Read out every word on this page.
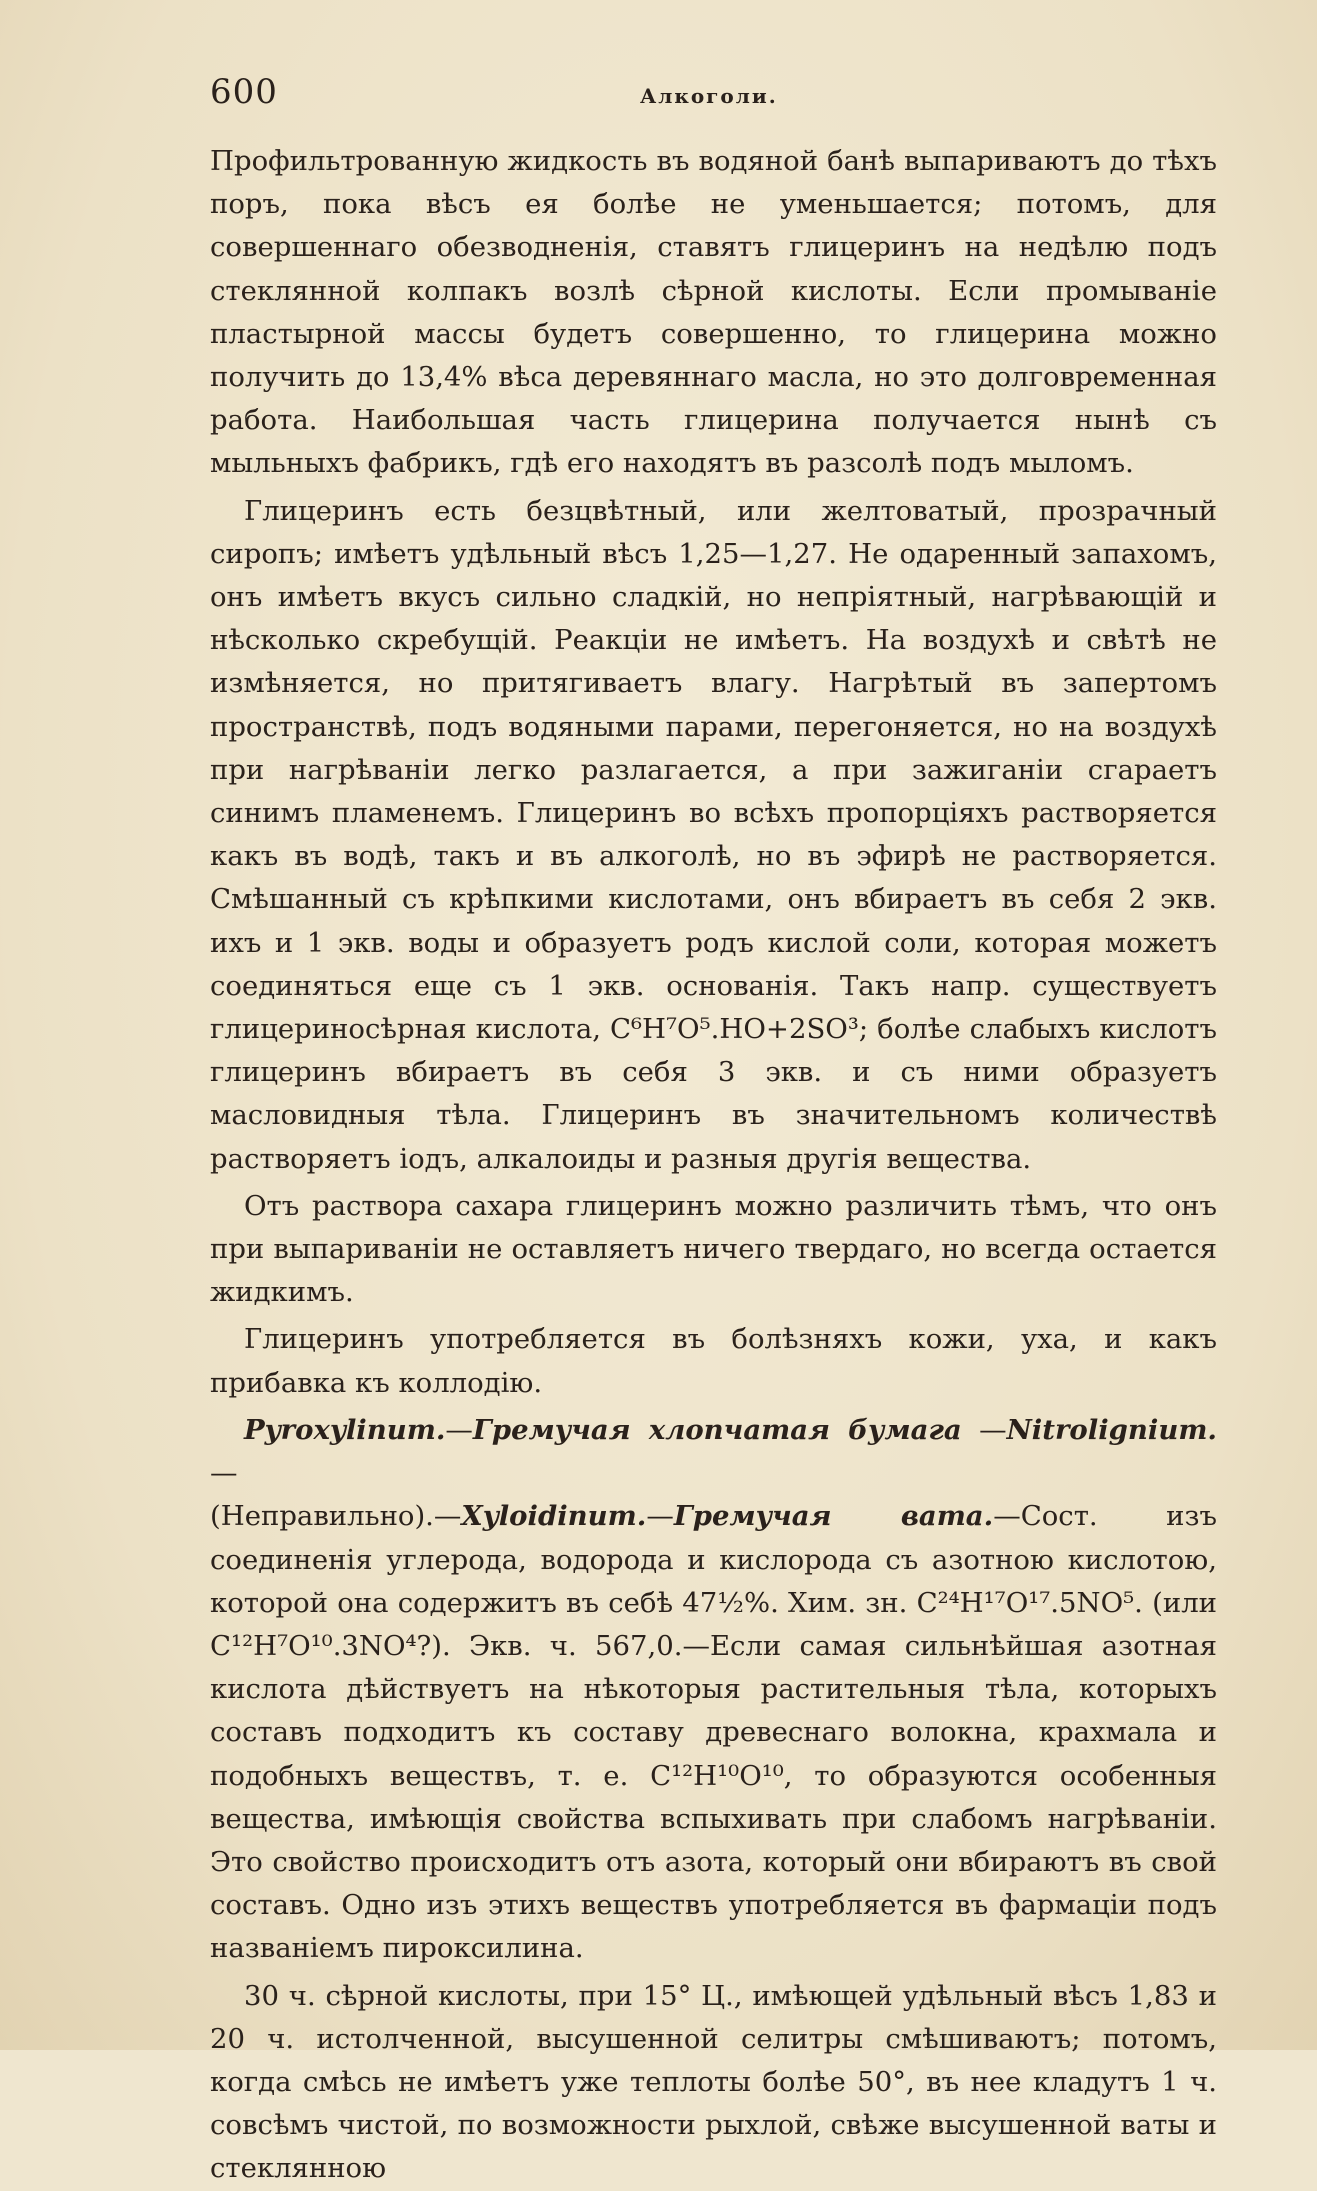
600	Алкоголи.

Профильтрованную жидкость въ водяной банѣ выпариваютъ до тѣхъ поръ, пока вѣсъ ея болѣе не уменьшается; потомъ, для совершеннаго обезводненія, ставятъ глицеринъ на недѣлю подъ стеклянной колпакъ возлѣ сѣрной кислоты. Если промываніе пластырной массы будетъ совершенно, то глицерина можно получить до 13,4% вѣса деревяннаго масла, но это долговременная работа. Наибольшая часть глицерина получается нынѣ съ мыльныхъ фабрикъ, гдѣ его находятъ въ разсолѣ подъ мыломъ.

Глицеринъ есть безцвѣтный, или желтоватый, прозрачный сиропъ; имѣетъ удѣльный вѣсъ 1,25—1,27. Не одаренный запахомъ, онъ имѣетъ вкусъ сильно сладкій, но непріятный, нагрѣвающій и нѣсколько скребущій. Реакціи не имѣетъ. На воздухѣ и свѣтѣ не измѣняется, но притягиваетъ влагу. Нагрѣтый въ запертомъ пространствѣ, подъ водяными парами, перегоняется, но на воздухѣ при нагрѣваніи легко разлагается, а при зажиганіи сгараетъ синимъ пламенемъ. Глицеринъ во всѣхъ пропорціяхъ растворяется какъ въ водѣ, такъ и въ алкоголѣ, но въ эфирѣ не растворяется. Смѣшанный съ крѣпкими кислотами, онъ вбираетъ въ себя 2 экв. ихъ и 1 экв. воды и образуетъ родъ кислой соли, которая можетъ соединяться еще съ 1 экв. основанія. Такъ напр. существуетъ глицериносѣрная кислота, C⁶H⁷O⁵.HO+2SO³; болѣе слабыхъ кислотъ глицеринъ вбираетъ въ себя 3 экв. и съ ними образуетъ масловидныя тѣла. Глицеринъ въ значительномъ количествѣ растворяетъ іодъ, алкалоиды и разныя другія вещества.

Отъ раствора сахара глицеринъ можно различить тѣмъ, что онъ при выпариваніи не оставляетъ ничего твердаго, но всегда остается жидкимъ.

Глицеринъ употребляется въ болѣзняхъ кожи, уха, и какъ прибавка къ коллодію.

Pyroxylinum.—Гремучая хлопчатая бумага —Nitrolignium.—
(Неправильно).—Xyloidinum.—Гремучая вата.—Сост. изъ соединенія углерода, водорода и кислорода съ азотною кислотою, которой она содержитъ въ себѣ 47½%. Хим. зн. C²⁴H¹⁷O¹⁷.5NO⁵. (или C¹²H⁷O¹⁰.3NO⁴?). Экв. ч. 567,0.—Если самая сильнѣйшая азотная кислота дѣйствуетъ на нѣкоторыя растительныя тѣла, которыхъ составъ подходитъ къ составу древеснаго волокна, крахмала и подобныхъ веществъ, т. е. C¹²H¹⁰O¹⁰, то образуются особенныя вещества, имѣющія свойства вспыхивать при слабомъ нагрѣваніи. Это свойство происходитъ отъ азота, который они вбираютъ въ свой составъ. Одно изъ этихъ веществъ употребляется въ фармаціи подъ названіемъ пироксилина.

30 ч. сѣрной кислоты, при 15° Ц., имѣющей удѣльный вѣсъ 1,83 и 20 ч. истолченной, высушенной селитры смѣшиваютъ; потомъ, когда смѣсь не имѣетъ уже теплоты болѣе 50°, въ нее кладутъ 1 ч. совсѣмъ чистой, по возможности рыхлой, свѣже высушенной ваты и стеклянною
